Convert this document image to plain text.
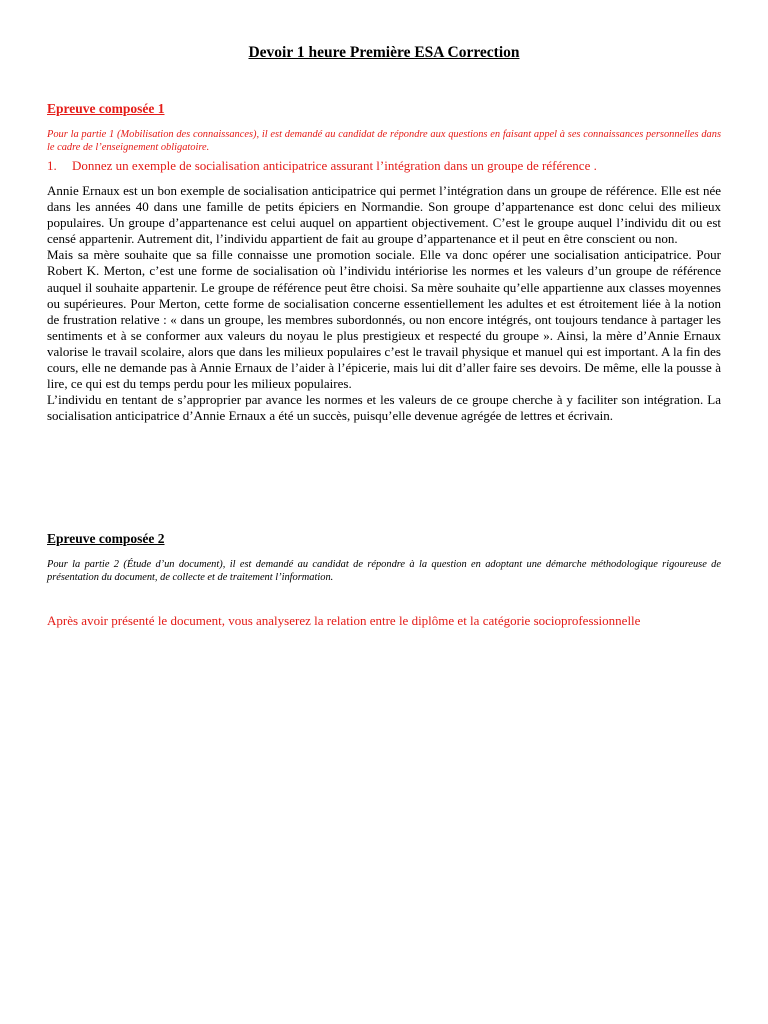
Devoir 1 heure Première ESA Correction
Epreuve composée 1

Pour la partie 1 (Mobilisation des connaissances), il est demandé au candidat de répondre aux questions en faisant appel à ses connaissances personnelles dans le cadre de l’enseignement obligatoire.

1. Donnez un exemple de socialisation anticipatrice assurant l’intégration dans un groupe de référence .

Annie Ernaux est un bon exemple de socialisation anticipatrice qui permet l’intégration dans un groupe de référence. Elle est née dans les années 40 dans une famille de petits épiciers en Normandie. Son groupe d’appartenance est donc celui des milieux populaires. Un groupe d’appartenance est celui auquel on appartient objectivement. C’est le groupe auquel l’individu dit ou est censé appartenir. Autrement dit, l’individu appartient de fait au groupe d’appartenance et il peut en être conscient ou non.

Mais sa mère souhaite que sa fille connaisse une promotion sociale. Elle va donc opérer une socialisation anticipatrice. Pour Robert K. Merton, c’est une forme de socialisation où l’individu intériorise les normes et les valeurs d’un groupe de référence auquel il souhaite appartenir. Le groupe de référence peut être choisi. Sa mère souhaite qu’elle appartienne aux classes moyennes ou supérieures. Pour Merton, cette forme de socialisation concerne essentiellement les adultes et est étroitement liée à la notion de frustration relative : « dans un groupe, les membres subordonnés, ou non encore intégrés, ont toujours tendance à partager les sentiments et à se conformer aux valeurs du noyau le plus prestigieux et respecté du groupe ». Ainsi, la mère d’Annie Ernaux valorise le travail scolaire, alors que dans les milieux populaires c’est le travail physique et manuel qui est important. A la fin des cours, elle ne demande pas à Annie Ernaux de l’aider à l’épicerie, mais lui dit d’aller faire ses devoirs. De même, elle la pousse à lire, ce qui est du temps perdu pour les milieux populaires.

L’individu en tentant de s’approprier par avance les normes et les valeurs de ce groupe cherche à y faciliter son intégration. La socialisation anticipatrice d’Annie Ernaux a été un succès, puisqu’elle devenue agrégée de lettres et écrivain.

Epreuve composée 2

Pour la partie 2 (Étude d’un document), il est demandé au candidat de répondre à la question en adoptant une démarche méthodologique rigoureuse de présentation du document, de collecte et de traitement l’information.

Après avoir présenté le document, vous analyserez la relation entre le diplôme et la catégorie socioprofessionnelle
